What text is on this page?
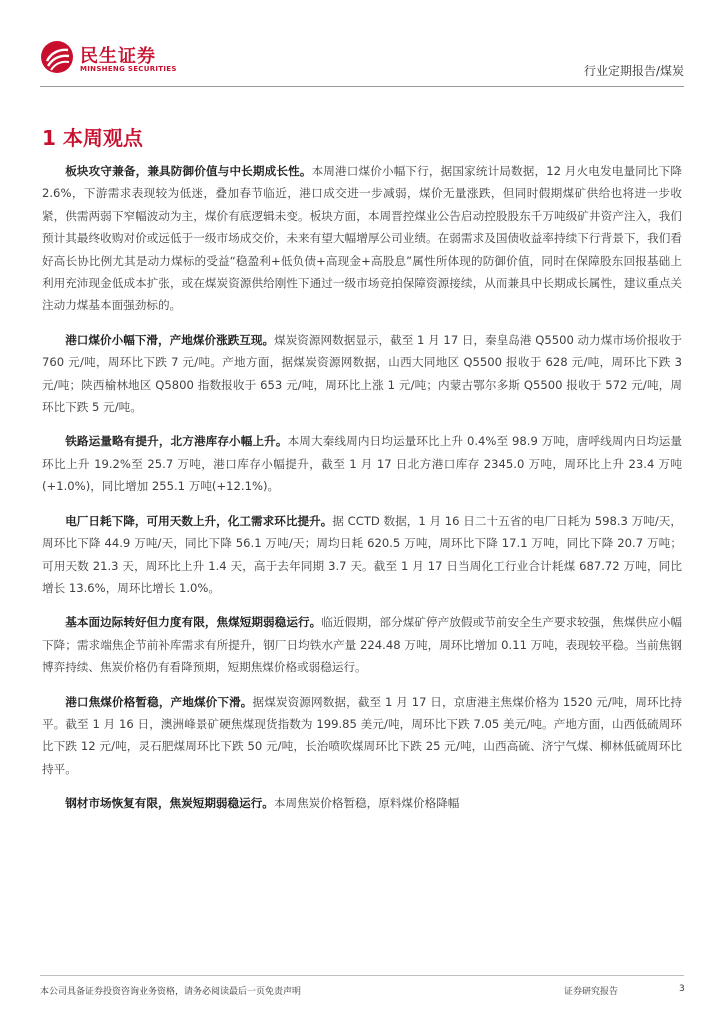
民生证券
MINSHENG SECURITIES	行业定期报告/煤炭
1 本周观点

板块攻守兼备，兼具防御价值与中长期成长性。本周港口煤价小幅下行，据国家统计局数据，12 月火电发电量同比下降 2.6%，下游需求表现较为低迷，叠加春节临近，港口成交进一步减弱，煤价无量涨跌，但同时假期煤矿供给也将进一步收紧，供需两弱下窄幅波动为主，煤价有底逻辑未变。板块方面，本周晋控煤业公告启动控股股东千万吨级矿井资产注入，我们预计其最终收购对价或远低于一级市场成交价，未来有望大幅增厚公司业绩。在弱需求及国债收益率持续下行背景下，我们看好高长协比例尤其是动力煤标的受益“稳盈利+低负债+高现金+高股息”属性所体现的防御价值，同时在保障股东回报基础上利用充沛现金低成本扩张，或在煤炭资源供给刚性下通过一级市场竞拍保障资源接续，从而兼具中长期成长属性，建议重点关注动力煤基本面强劲标的。

港口煤价小幅下滑，产地煤价涨跌互现。煤炭资源网数据显示，截至 1 月 17 日，秦皇岛港 Q5500 动力煤市场价报收于 760 元/吨，周环比下跌 7 元/吨。产地方面，据煤炭资源网数据，山西大同地区 Q5500 报收于 628 元/吨，周环比下跌 3 元/吨；陕西榆林地区 Q5800 指数报收于 653 元/吨，周环比上涨 1 元/吨；内蒙古鄂尔多斯 Q5500 报收于 572 元/吨，周环比下跌 5 元/吨。

铁路运量略有提升，北方港库存小幅上升。本周大秦线周内日均运量环比上升 0.4%至 98.9 万吨，唐呼线周内日均运量环比上升 19.2%至 25.7 万吨，港口库存小幅提升，截至 1 月 17 日北方港口库存 2345.0 万吨，周环比上升 23.4 万吨(+1.0%)，同比增加 255.1 万吨(+12.1%)。

电厂日耗下降，可用天数上升，化工需求环比提升。据 CCTD 数据，1 月 16 日二十五省的电厂日耗为 598.3 万吨/天，周环比下降 44.9 万吨/天，同比下降 56.1 万吨/天；周均日耗 620.5 万吨，周环比下降 17.1 万吨，同比下降 20.7 万吨；可用天数 21.3 天，周环比上升 1.4 天，高于去年同期 3.7 天。截至 1 月 17 日当周化工行业合计耗煤 687.72 万吨，同比增长 13.6%，周环比增长 1.0%。

基本面边际转好但力度有限，焦煤短期弱稳运行。临近假期，部分煤矿停产放假或节前安全生产要求较强，焦煤供应小幅下降；需求端焦企节前补库需求有所提升，钢厂日均铁水产量 224.48 万吨，周环比增加 0.11 万吨，表现较平稳。当前焦钢博弈持续、焦炭价格仍有看降预期，短期焦煤价格或弱稳运行。

港口焦煤价格暂稳，产地煤价下滑。据煤炭资源网数据，截至 1 月 17 日，京唐港主焦煤价格为 1520 元/吨，周环比持平。截至 1 月 16 日，澳洲峰景矿硬焦煤现货指数为 199.85 美元/吨，周环比下跌 7.05 美元/吨。产地方面，山西低硫周环比下跌 12 元/吨，灵石肥煤周环比下跌 50 元/吨，长治喷吹煤周环比下跌 25 元/吨，山西高硫、济宁气煤、柳林低硫周环比持平。

钢材市场恢复有限，焦炭短期弱稳运行。本周焦炭价格暂稳，原料煤价格降幅

本公司具备证券投资咨询业务资格，请务必阅读最后一页免责声明	证券研究报告	3
